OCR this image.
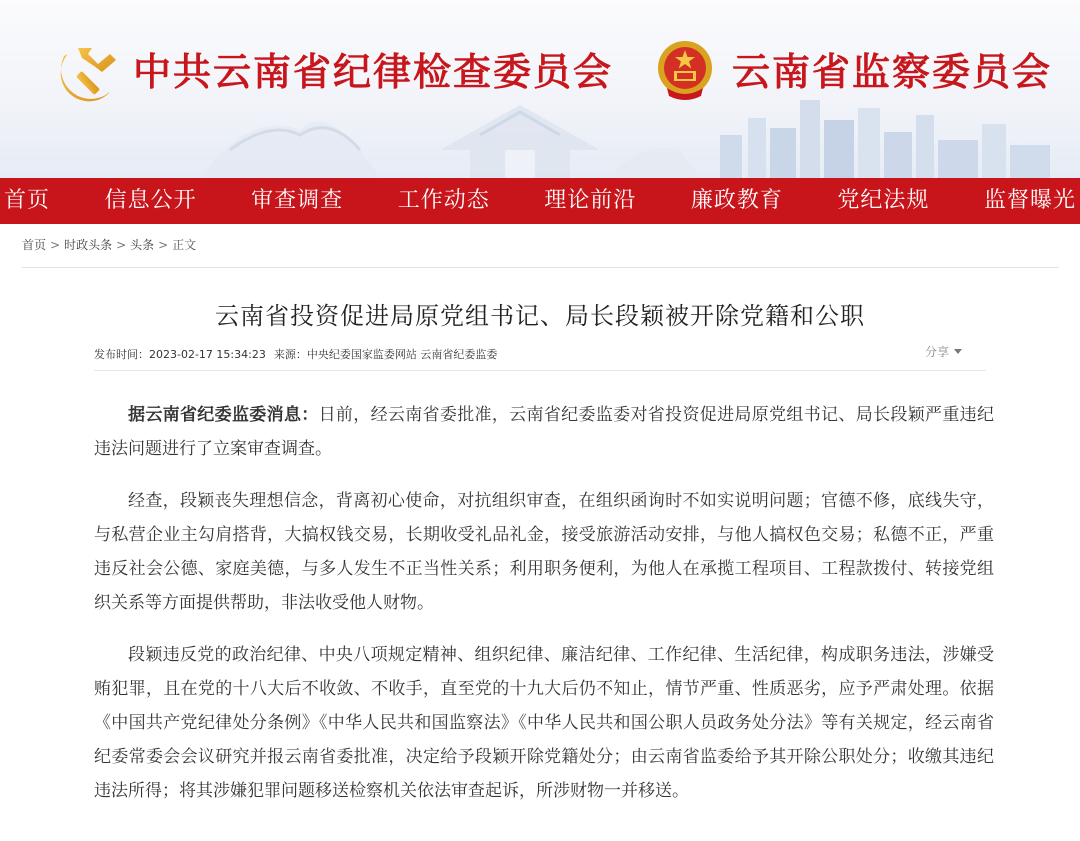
中共云南省纪律检查委员会	云南省监察委员会
首页 信息公开 审查调查 工作动态 理论前沿 廉政教育 党纪法规 监督曝光
首页 > 时政头条 > 头条 > 正文
云南省投资促进局原党组书记、局长段颖被开除党籍和公职
发布时间：2023-02-17 15:34:23 来源：中央纪委国家监委网站 云南省纪委监委	分享

据云南省纪委监委消息：日前，经云南省委批准，云南省纪委监委对省投资促进局原党组书记、局长段颖严重违纪违法问题进行了立案审查调查。

经查，段颖丧失理想信念，背离初心使命，对抗组织审查，在组织函询时不如实说明问题；官德不修，底线失守，与私营企业主勾肩搭背，大搞权钱交易，长期收受礼品礼金，接受旅游活动安排，与他人搞权色交易；私德不正，严重违反社会公德、家庭美德，与多人发生不正当性关系；利用职务便利，为他人在承揽工程项目、工程款拨付、转接党组织关系等方面提供帮助，非法收受他人财物。

段颖违反党的政治纪律、中央八项规定精神、组织纪律、廉洁纪律、工作纪律、生活纪律，构成职务违法，涉嫌受贿犯罪，且在党的十八大后不收敛、不收手，直至党的十九大后仍不知止，情节严重、性质恶劣，应予严肃处理。依据《中国共产党纪律处分条例》《中华人民共和国监察法》《中华人民共和国公职人员政务处分法》等有关规定，经云南省纪委常委会会议研究并报云南省委批准，决定给予段颖开除党籍处分；由云南省监委给予其开除公职处分；收缴其违纪违法所得；将其涉嫌犯罪问题移送检察机关依法审查起诉，所涉财物一并移送。
